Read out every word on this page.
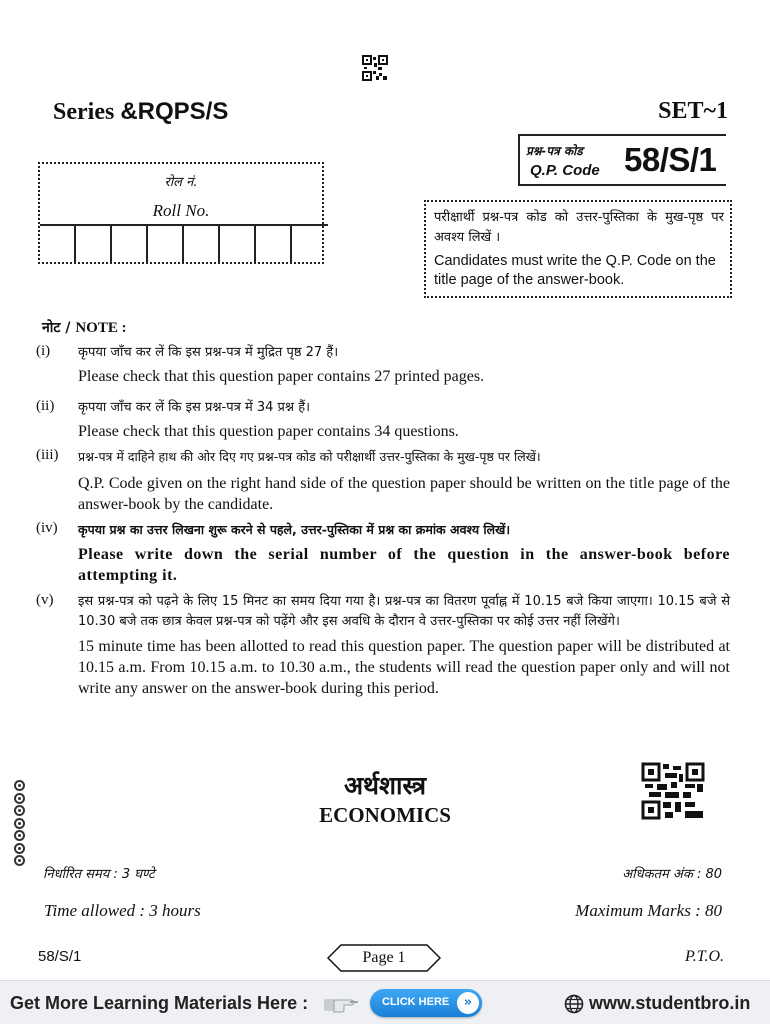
Series &RQPS/S	SET~1
रोल नं.
Roll No.
प्रश्न-पत्र कोड
Q.P. Code 58/S/1
परीक्षार्थी प्रश्न-पत्र कोड को उत्तर-पुस्तिका के मुख-पृष्ठ पर अवश्य लिखें ।
Candidates must write the Q.P. Code on the title page of the answer-book.
नोट / NOTE :
(i) कृपया जाँच कर लें कि इस प्रश्न-पत्र में मुद्रित पृष्ठ 27 हैं।
Please check that this question paper contains 27 printed pages.
(ii) कृपया जाँच कर लें कि इस प्रश्न-पत्र में 34 प्रश्न हैं।
Please check that this question paper contains 34 questions.
(iii) प्रश्न-पत्र में दाहिने हाथ की ओर दिए गए प्रश्न-पत्र कोड को परीक्षार्थी उत्तर-पुस्तिका के मुख-पृष्ठ पर लिखें।
Q.P. Code given on the right hand side of the question paper should be written on the title page of the answer-book by the candidate.
(iv) कृपया प्रश्न का उत्तर लिखना शुरू करने से पहले, उत्तर-पुस्तिका में प्रश्न का क्रमांक अवश्य लिखें।
Please write down the serial number of the question in the answer-book before attempting it.
(v) इस प्रश्न-पत्र को पढ़ने के लिए 15 मिनट का समय दिया गया है। प्रश्न-पत्र का वितरण पूर्वाह्न में 10.15 बजे किया जाएगा। 10.15 बजे से 10.30 बजे तक छात्र केवल प्रश्न-पत्र को पढ़ेंगे और इस अवधि के दौरान वे उत्तर-पुस्तिका पर कोई उत्तर नहीं लिखेंगे।
15 minute time has been allotted to read this question paper. The question paper will be distributed at 10.15 a.m. From 10.15 a.m. to 10.30 a.m., the students will read the question paper only and will not write any answer on the answer-book during this period.
अर्थशास्त्र
ECONOMICS
निर्धारित समय : 3 घण्टे	अधिकतम अंक : 80
Time allowed : 3 hours	Maximum Marks : 80
58/S/1	Page 1	P.T.O.
Get More Learning Materials Here :	CLICK HERE	»	www.studentbro.in
